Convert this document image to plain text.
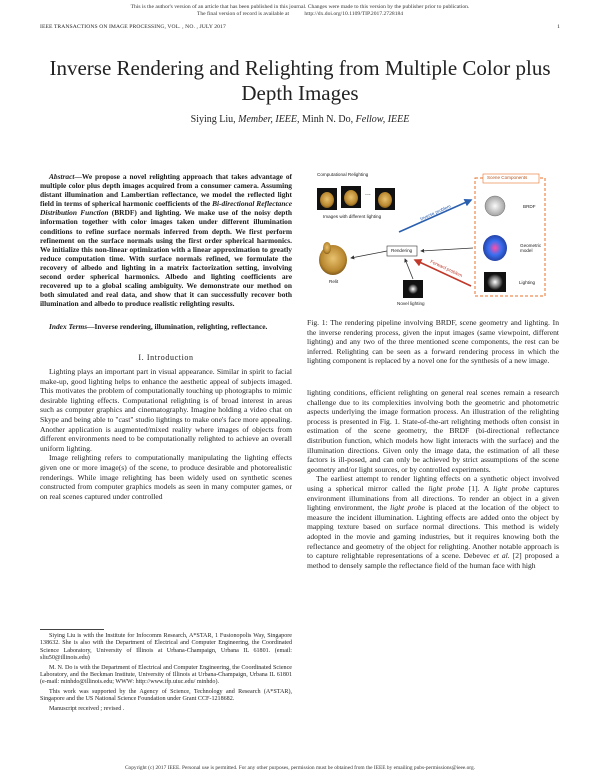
This is the author's version of an article that has been published in this journal. Changes were made to this version by the publisher prior to publication.
The final version of record is available at	http://dx.doi.org/10.1109/TIP.2017.2728184
IEEE TRANSACTIONS ON IMAGE PROCESSING, VOL. , NO. , JULY 2017	1
Inverse Rendering and Relighting from Multiple Color plus Depth Images
Siying Liu, Member, IEEE, Minh N. Do, Fellow, IEEE
Abstract—We propose a novel relighting approach that takes advantage of multiple color plus depth images acquired from a consumer camera. Assuming distant illumination and Lambertian reflectance, we model the reflected light field in terms of spherical harmonic coefficients of the Bi-directional Reflectance Distribution Function (BRDF) and lighting. We make use of the noisy depth information together with color images taken under different illumination conditions to refine surface normals inferred from depth. We first perform refinement on the surface normals using the first order spherical harmonics. We initialize this non-linear optimization with a linear approximation to greatly reduce computation time. With surface normals refined, we formulate the recovery of albedo and lighting in a matrix factorization setting, involving second order spherical harmonics. Albedo and lighting coefficients are recovered up to a global scaling ambiguity. We demonstrate our method on both simulated and real data, and show that it can successfully recover both illumination and albedo to produce realistic relighting results.
Index Terms—Inverse rendering, illumination, relighting, reflectance.
I. Introduction

Lighting plays an important part in visual appearance. Similar in spirit to facial make-up, good lighting helps to enhance the aesthetic appeal of subjects imaged. This motivates the problem of computationally touching up photographs to mimic desirable lighting effects. Computational relighting is of broad interest in areas such as computer graphics and cinematography. Imagine holding a video chat on Skype and being able to "cast" studio lightings to make one's face more appealing. Another application is augmented/mixed reality where images of objects from different environments need to be computationally relighted to achieve an overall uniform lighting.

Image relighting refers to computationally manipulating the lighting effects given one or more image(s) of the scene, to produce desirable and photorealistic renderings. While image relighting has been widely used on synthetic scenes constructed from computer graphics models as seen in many computer games, or on real scenes captured under controlled

Siying Liu is with the Institute for Infocomm Research, A*STAR, 1 Fusionopolis Way, Singapore 138632. She is also with the Department of Electrical and Computer Engineering, the Coordinated Science Laboratory, University of Illinois at Urbana-Champaign, Urbana IL 61801. (email: sliu50@illinois.edu)

M. N. Do is with the Department of Electrical and Computer Engineering, the Coordinated Science Laboratory, and the Beckman Institute, University of Illinois at Urbana-Champaign, Urbana IL 61801 (e-mail: minhdo@illinois.edu; WWW: http://www.ifp.uiuc.edu/ minhdo).

This work was supported by the Agency of Science, Technology and Research (A*STAR), Singapore and the US National Science Foundation under Grant CCF-1218682.

Manuscript received ; revised .

Computational Relighting
...
Images with different lighting
Scene Components
BRDF
Geometric model
Lighting
Inverse problem
Rendering
Forward problem
Relit
Novel lighting
Fig. 1: The rendering pipeline involving BRDF, scene geometry and lighting. In the inverse rendering process, given the input images (same viewpoint, different lighting) and any two of the three mentioned scene components, the rest can be inferred. Relighting can be seen as a forward rendering process in which the lighting component is replaced by a novel one for the synthesis of a new image.

lighting conditions, efficient relighting on general real scenes remain a research challenge due to its complexities involving both the geometric and photometric aspects underlying the image formation process. An illustration of the relighting process is presented in Fig. 1. State-of-the-art relighting methods often consist in estimation of the scene geometry, the BRDF (bi-directional reflectance distribution function, which models how light interacts with the surface) and the illumination directions. Given only the image data, the estimation of all these factors is ill-posed, and can only be achieved by strict assumptions of the scene geometry and/or light sources, or by controlled experiments.

The earliest attempt to render lighting effects on a synthetic object involved using a spherical mirror called the light probe [1]. A light probe captures environment illuminations from all directions. To render an object in a given lighting environment, the light probe is placed at the location of the object to measure the incident illumination. Lighting effects are added onto the object by mapping texture based on surface normal directions. This method is widely adopted in the movie and gaming industries, but it requires knowing both the reflectance and geometry of the object for relighting. Another notable approach is to capture relightable representations of a scene. Debevec et al. [2] proposed a method to densely sample the reflectance field of the human face with high

Copyright (c) 2017 IEEE. Personal use is permitted. For any other purposes, permission must be obtained from the IEEE by emailing pubs-permissions@ieee.org.
